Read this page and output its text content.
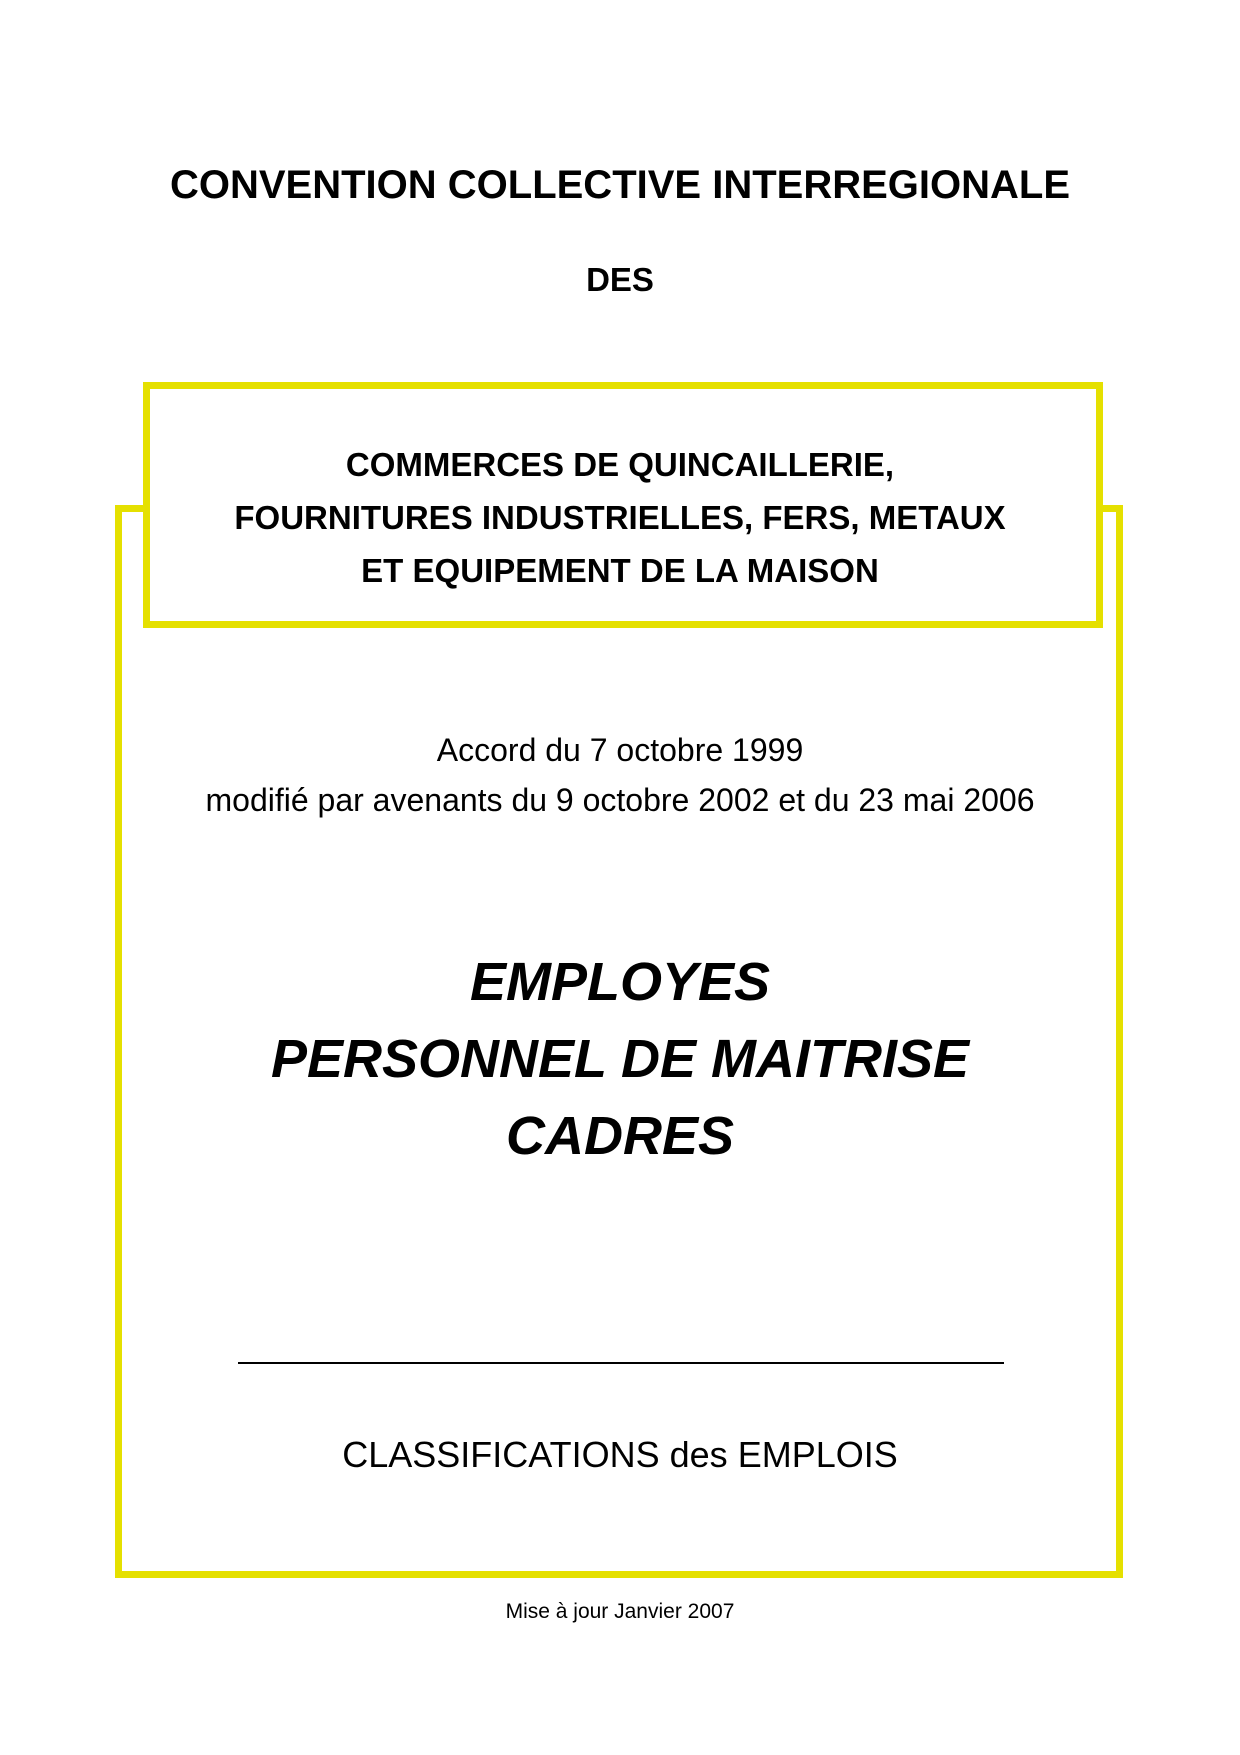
CONVENTION COLLECTIVE INTERREGIONALE
DES
COMMERCES DE QUINCAILLERIE,
FOURNITURES INDUSTRIELLES, FERS, METAUX
ET EQUIPEMENT DE LA MAISON
Accord du 7 octobre 1999
modifié par avenants du 9 octobre 2002 et du 23 mai 2006
EMPLOYES
PERSONNEL DE MAITRISE
CADRES
CLASSIFICATIONS des EMPLOIS
Mise à jour Janvier 2007
